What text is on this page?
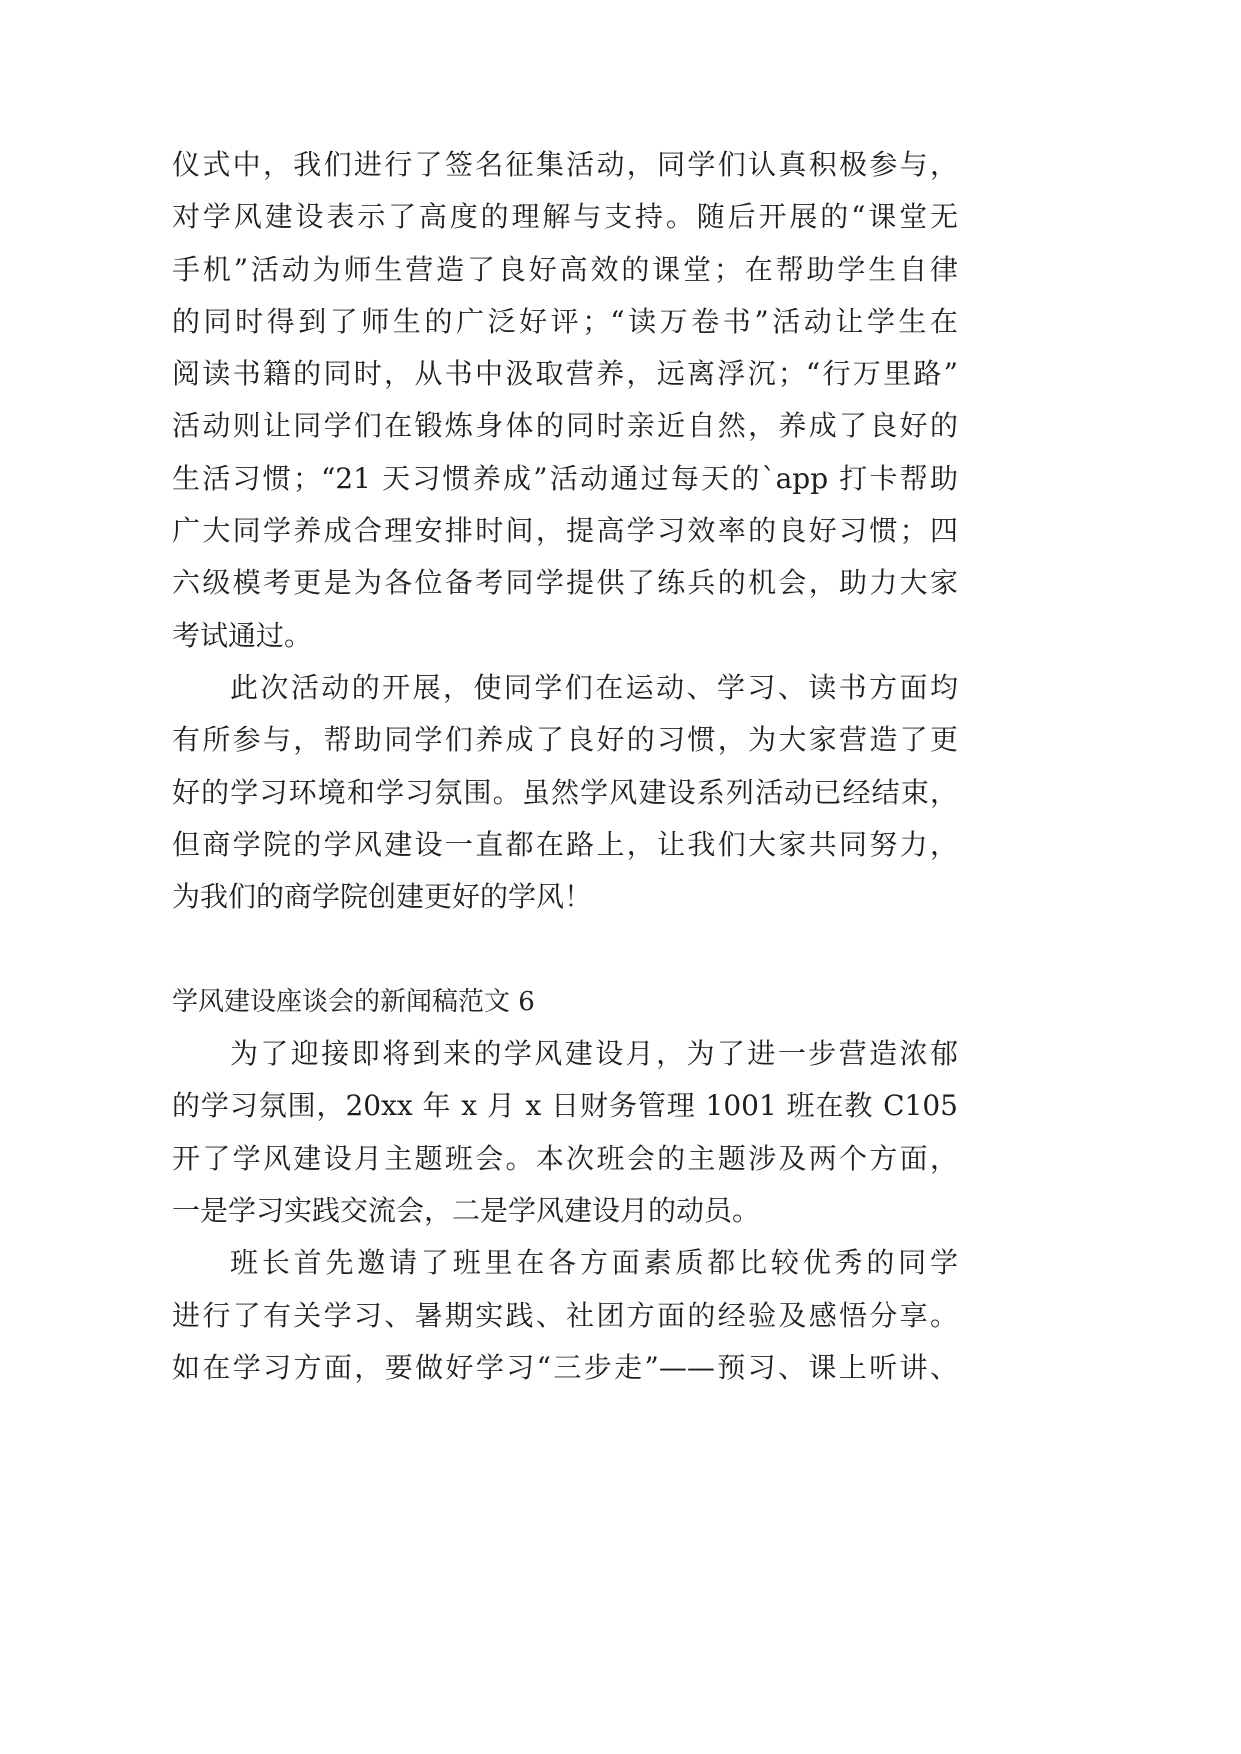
仪式中，我们进行了签名征集活动，同学们认真积极参与，
对学风建设表示了高度的理解与支持。随后开展的“课堂无
手机”活动为师生营造了良好高效的课堂；在帮助学生自律
的同时得到了师生的广泛好评；“读万卷书”活动让学生在
阅读书籍的同时，从书中汲取营养，远离浮沉；“行万里路”
活动则让同学们在锻炼身体的同时亲近自然，养成了良好的
生活习惯；“21 天习惯养成”活动通过每天的`app 打卡帮助
广大同学养成合理安排时间，提高学习效率的良好习惯；四
六级模考更是为各位备考同学提供了练兵的机会，助力大家
考试通过。
此次活动的开展，使同学们在运动、学习、读书方面均
有所参与，帮助同学们养成了良好的习惯，为大家营造了更
好的学习环境和学习氛围。虽然学风建设系列活动已经结束，
但商学院的学风建设一直都在路上，让我们大家共同努力，
为我们的商学院创建更好的学风！
学风建设座谈会的新闻稿范文 6
为了迎接即将到来的学风建设月，为了进一步营造浓郁
的学习氛围，20xx 年 x 月 x 日财务管理 1001 班在教 C105
开了学风建设月主题班会。本次班会的主题涉及两个方面，
一是学习实践交流会，二是学风建设月的动员。
班长首先邀请了班里在各方面素质都比较优秀的同学
进行了有关学习、暑期实践、社团方面的经验及感悟分享。
如在学习方面，要做好学习“三步走”——预习、课上听讲、
